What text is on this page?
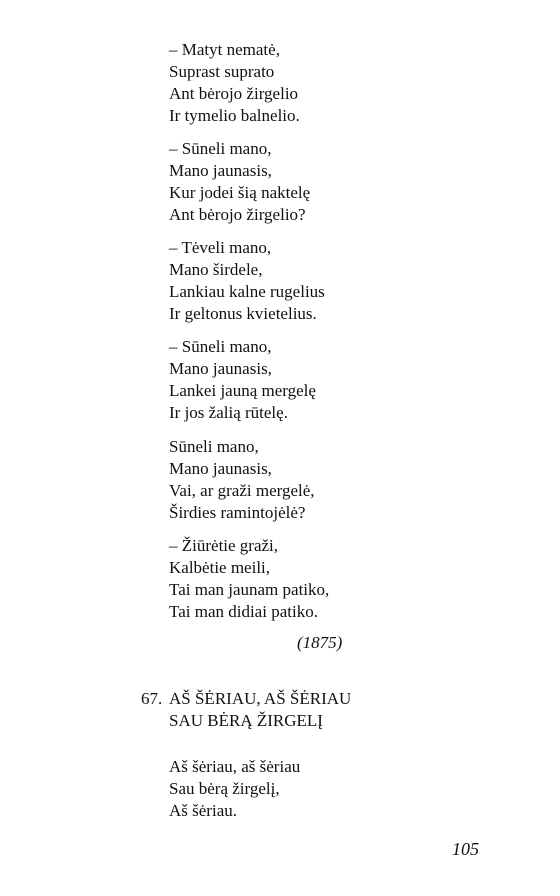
– Matyt nematė,
Suprast suprato
Ant bėrojo žirgelio
Ir tymelio balnelio.
– Sūneli mano,
Mano jaunasis,
Kur jodei šią naktelę
Ant bėrojo žirgelio?
– Tėveli mano,
Mano širdele,
Lankiau kalne rugelius
Ir geltonus kvietelius.
– Sūneli mano,
Mano jaunasis,
Lankei jauną mergelę
Ir jos žalią rūtelę.
Sūneli mano,
Mano jaunasis,
Vai, ar graži mergelė,
Širdies ramintojėlė?
– Žiūrėtie graži,
Kalbėtie meili,
Tai man jaunam patiko,
Tai man didiai patiko.
(1875)
67. AŠ ŠĖRIAU, AŠ ŠĖRIAU
SAU BĖRĄ ŽIRGELĮ
Aš šėriau, aš šėriau
Sau bėrą žirgelį,
Aš šėriau.
105
